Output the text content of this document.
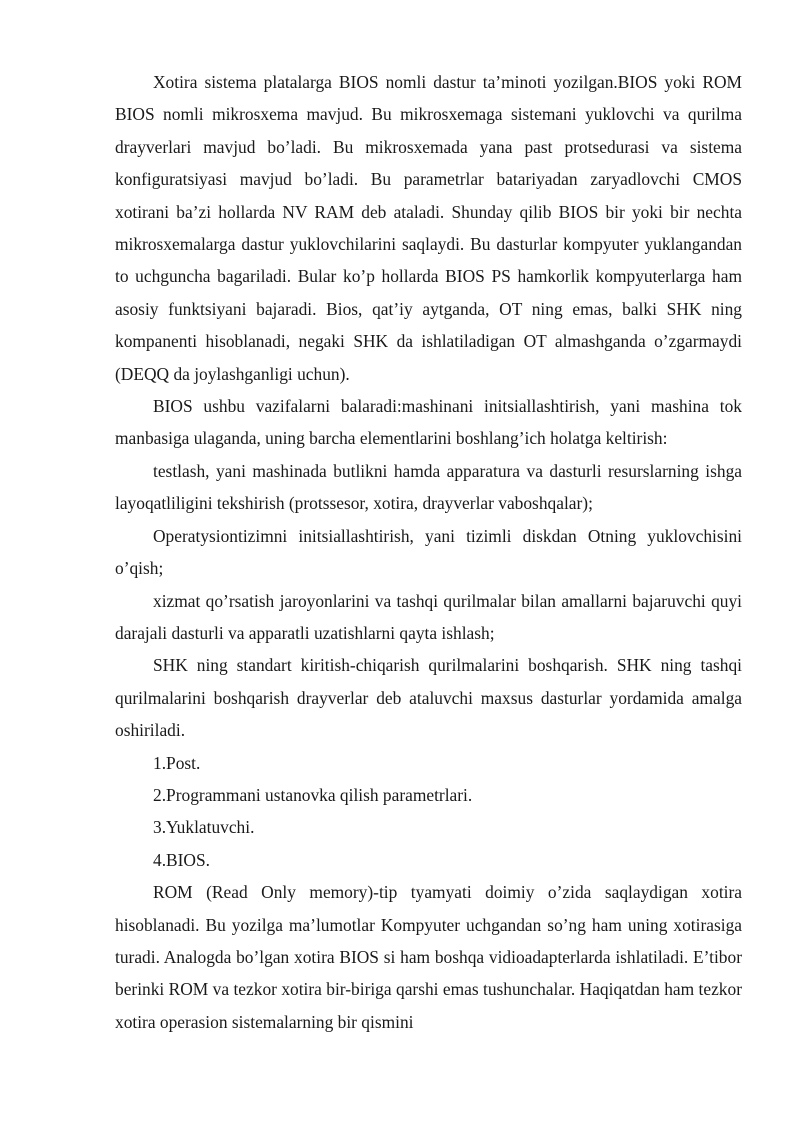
Xotira sistema platalarga BIOS nomli dastur ta’minoti yozilgan.BIOS yoki ROM BIOS nomli mikrosxema mavjud. Bu mikrosxemaga sistemani yuklovchi va qurilma drayverlari mavjud bo’ladi. Bu mikrosxemada yana past protsedurasi va sistema konfiguratsiyasi mavjud bo’ladi. Bu parametrlar batariyadan zaryadlovchi CMOS xotirani ba’zi hollarda NV RAM deb ataladi. Shunday qilib BIOS bir yoki bir nechta mikrosxemalarga dastur yuklovchilarini saqlaydi. Bu dasturlar kompyuter yuklangandan to uchguncha bagariladi. Bular ko’p hollarda BIOS PS hamkorlik kompyuterlarga ham asosiy funktsiyani bajaradi. Bios, qat’iy aytganda, OT ning emas, balki SHK ning kompanenti hisoblanadi, negaki SHK da ishlatiladigan OT almashganda o’zgarmaydi (DEQQ da joylashganligi uchun).

BIOS ushbu vazifalarni balaradi:mashinani initsiallashtirish, yani mashina tok manbasiga ulaganda, uning barcha elementlarini boshlang’ich holatga keltirish:

testlash, yani mashinada butlikni hamda apparatura va dasturli resurslarning ishga layoqatliligini tekshirish (protssesor, xotira, drayverlar vaboshqalar);

Operatysiontizimni initsiallashtirish, yani tizimli diskdan Otning yuklovchisini o’qish;

xizmat qo’rsatish jaroyonlarini va tashqi qurilmalar bilan amallarni bajaruvchi quyi darajali dasturli va apparatli uzatishlarni qayta ishlash;

SHK ning standart kiritish-chiqarish qurilmalarini boshqarish. SHK ning tashqi qurilmalarini boshqarish drayverlar deb ataluvchi maxsus dasturlar yordamida amalga oshiriladi.

1.Post.

2.Programmani ustanovka qilish parametrlari.

3.Yuklatuvchi.

4.BIOS.

ROM (Read Only memory)-tip tyamyati doimiy o’zida saqlaydigan xotira hisoblanadi. Bu yozilga ma’lumotlar Kompyuter uchgandan so’ng ham uning xotirasiga turadi. Analogda bo’lgan xotira BIOS si ham boshqa vidioadapterlarda ishlatiladi. E’tibor berinki ROM va tezkor xotira bir-biriga qarshi emas tushunchalar. Haqiqatdan ham tezkor xotira operasion sistemalarning bir qismini
